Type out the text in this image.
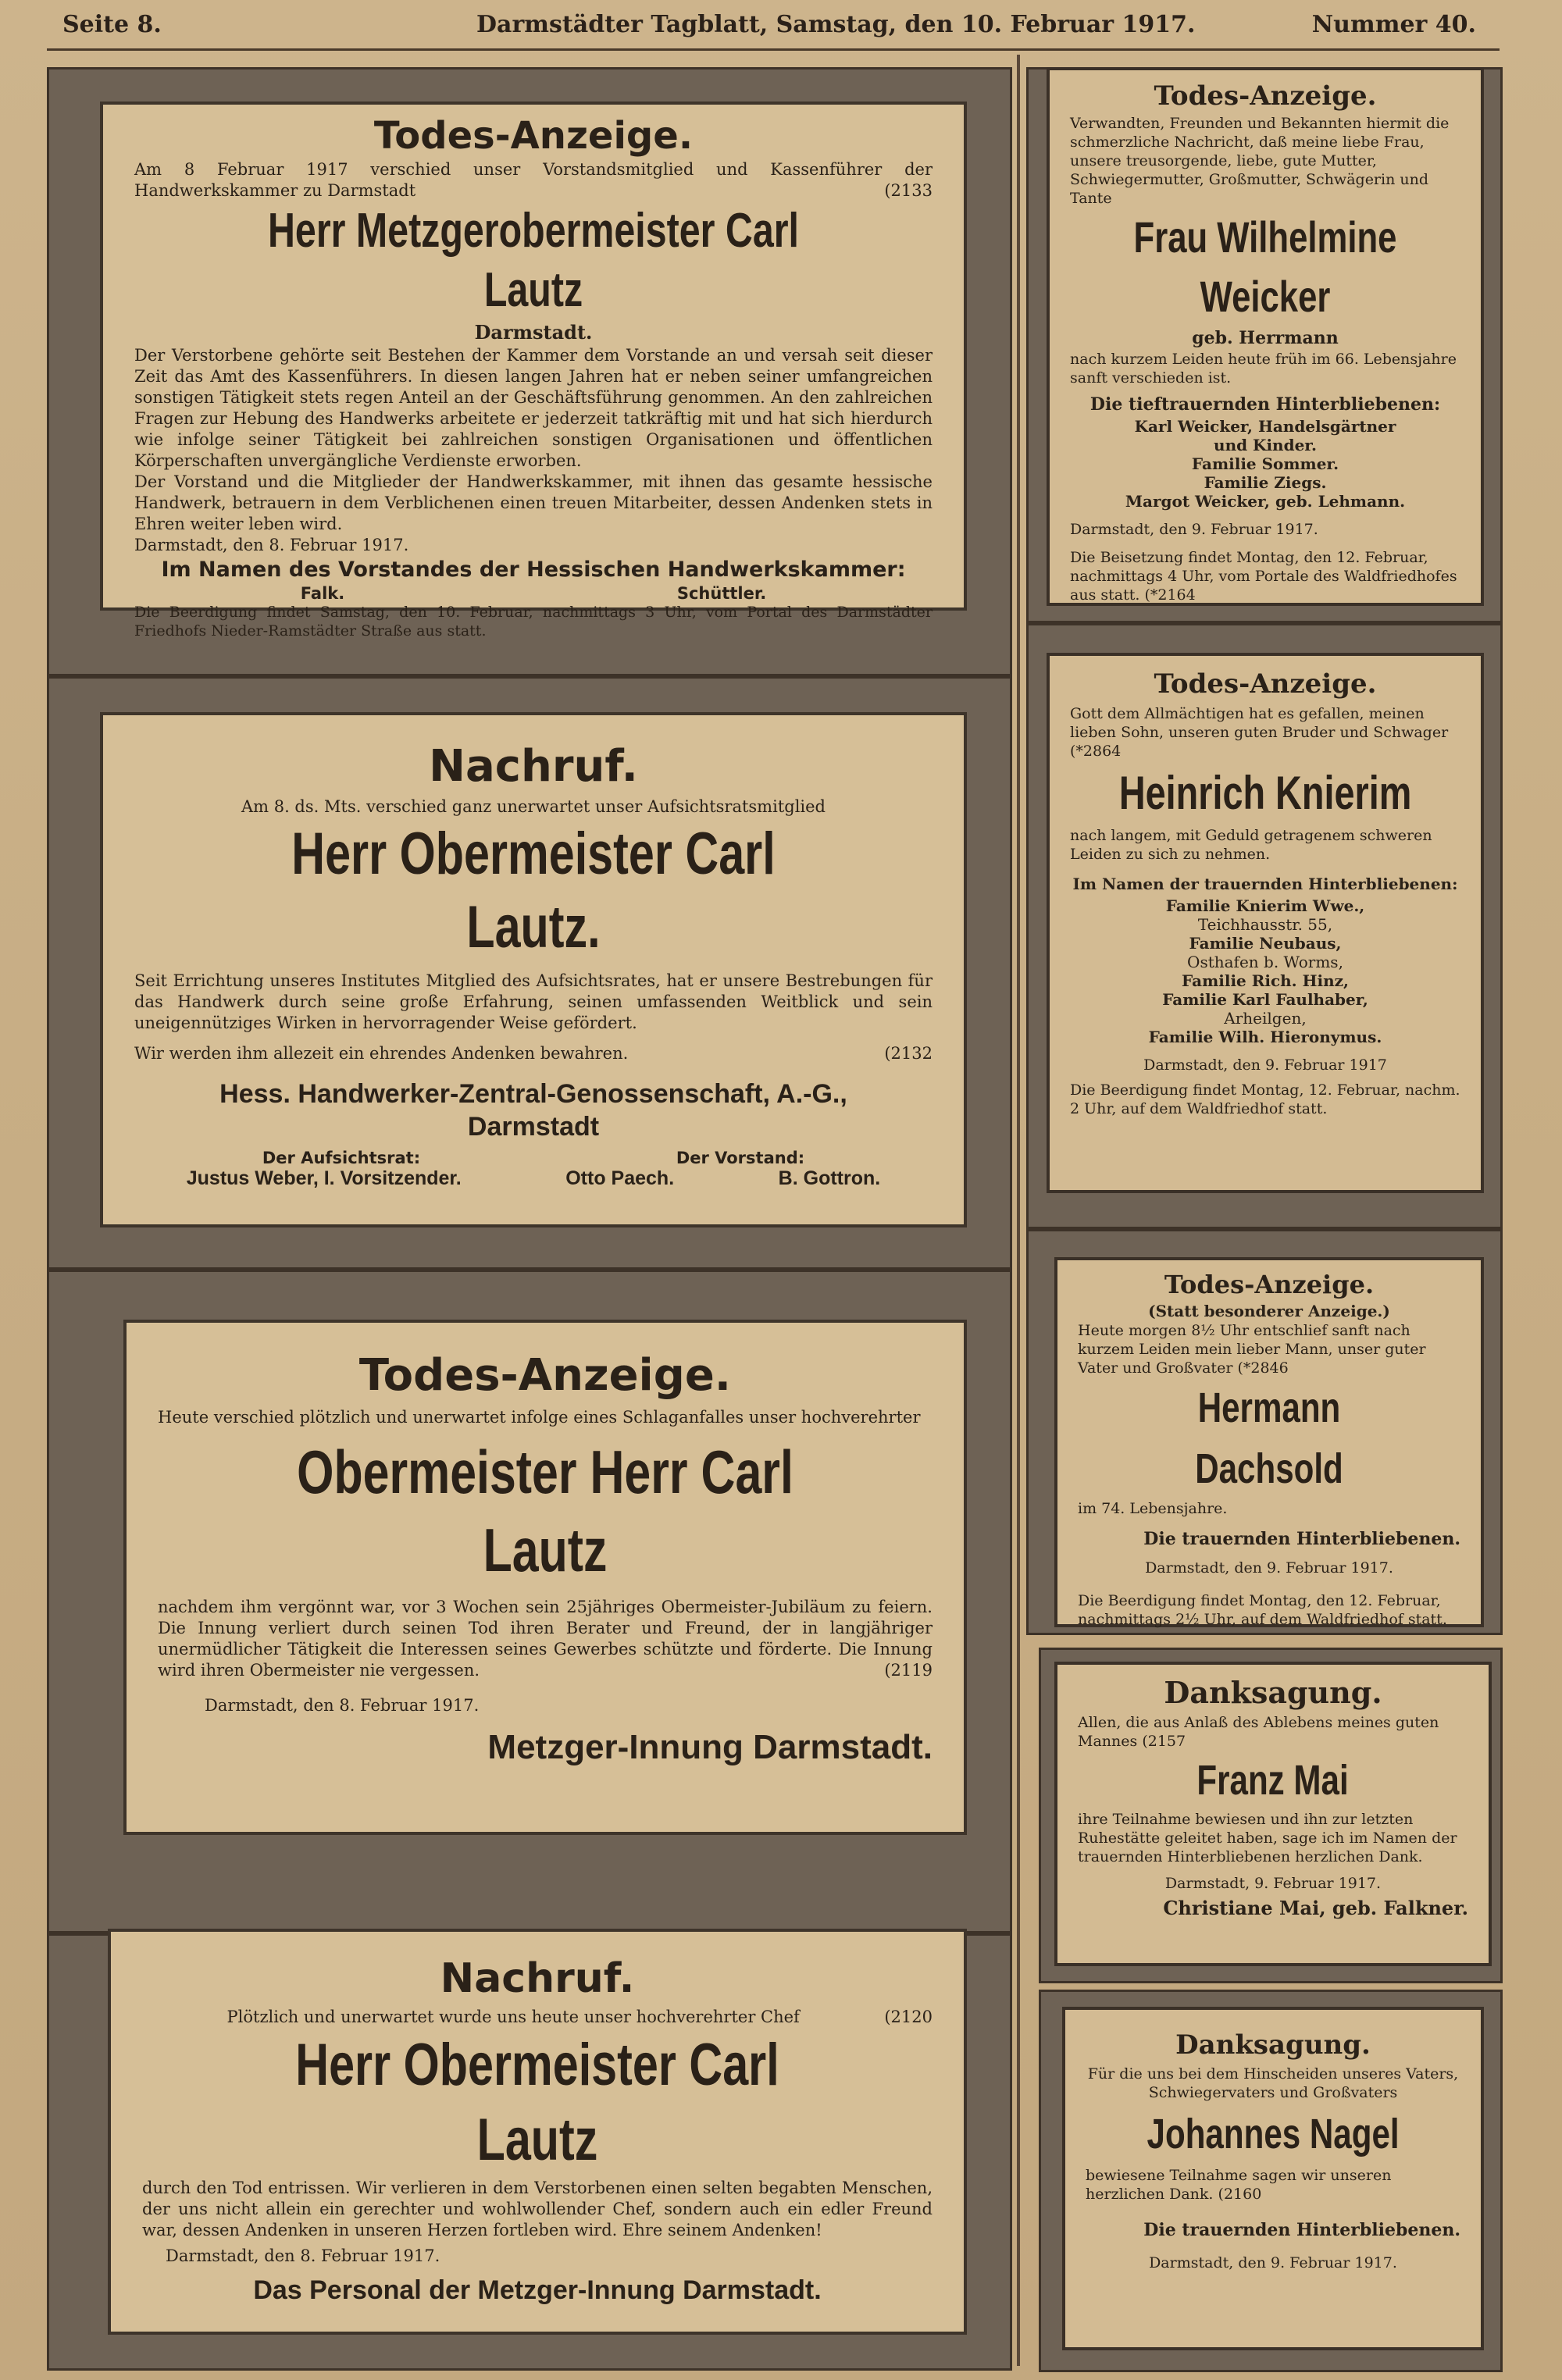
Seite 8.	Darmstädter Tagblatt, Samstag, den 10. Februar 1917.	Nummer 40.
Todes-Anzeige.
Am 8 Februar 1917 verschied unser Vorstandsmitglied und Kassenführer der Handwerkskammer zu Darmstadt	(2133
Herr Metzgerobermeister Carl Lautz
Darmstadt.
Der Verstorbene gehörte seit Bestehen der Kammer dem Vorstande an und versah seit dieser Zeit das Amt des Kassenführers. In diesen langen Jahren hat er neben seiner umfangreichen sonstigen Tätigkeit stets regen Anteil an der Geschäftsführung genommen. An den zahlreichen Fragen zur Hebung des Handwerks arbeitete er jederzeit tatkräftig mit und hat sich hierdurch wie infolge seiner Tätigkeit bei zahlreichen sonstigen Organisationen und öffentlichen Körperschaften unvergängliche Verdienste erworben.
Der Vorstand und die Mitglieder der Handwerkskammer, mit ihnen das gesamte hessische Handwerk, betrauern in dem Verblichenen einen treuen Mitarbeiter, dessen Andenken stets in Ehren weiter leben wird.
Darmstadt, den 8. Februar 1917.
Im Namen des Vorstandes der Hessischen Handwerkskammer:
Falk.	Schüttler.
Die Beerdigung findet Samstag, den 10. Februar, nachmittags 3 Uhr, vom Portal des Darmstädter Friedhofs Nieder-Ramstädter Straße aus statt.
Nachruf.
Am 8. ds. Mts. verschied ganz unerwartet unser Aufsichtsratsmitglied
Herr Obermeister Carl Lautz.
Seit Errichtung unseres Institutes Mitglied des Aufsichtsrates, hat er unsere Bestrebungen für das Handwerk durch seine große Erfahrung, seinen umfassenden Weitblick und sein uneigennütziges Wirken in hervorragender Weise gefördert.
Wir werden ihm allezeit ein ehrendes Andenken bewahren.	(2132
Hess. Handwerker-Zentral-Genossenschaft, A.-G.,
Darmstadt
Der Aufsichtsrat:	Der Vorstand:
Justus Weber, I. Vorsitzender.	Otto Paech.	B. Gottron.
Todes-Anzeige.
Heute verschied plötzlich und unerwartet infolge eines Schlaganfalles unser hochverehrter
Obermeister Herr Carl Lautz
nachdem ihm vergönnt war, vor 3 Wochen sein 25jähriges Obermeister-Jubiläum zu feiern. Die Innung verliert durch seinen Tod ihren Berater und Freund, der in langjähriger unermüdlicher Tätigkeit die Interessen seines Gewerbes schützte und förderte. Die Innung wird ihren Obermeister nie vergessen.	(2119
Darmstadt, den 8. Februar 1917.
Metzger-Innung Darmstadt.
Nachruf.
Plötzlich und unerwartet wurde uns heute unser hochverehrter Chef	(2120
Herr Obermeister Carl Lautz
durch den Tod entrissen. Wir verlieren in dem Verstorbenen einen selten begabten Menschen, der uns nicht allein ein gerechter und wohlwollender Chef, sondern auch ein edler Freund war, dessen Andenken in unseren Herzen fortleben wird. Ehre seinem Andenken!
Darmstadt, den 8. Februar 1917.
Das Personal der Metzger-Innung Darmstadt.
Todes-Anzeige.
Verwandten, Freunden und Bekannten hiermit die schmerzliche Nachricht, daß meine liebe Frau, unsere treusorgende, liebe, gute Mutter, Schwiegermutter, Großmutter, Schwägerin und Tante
Frau Wilhelmine Weicker
geb. Herrmann
nach kurzem Leiden heute früh im 66. Lebensjahre sanft verschieden ist.
Die tieftrauernden Hinterbliebenen:
Karl Weicker, Handelsgärtner
und Kinder.
Familie Sommer.
Familie Ziegs.
Margot Weicker, geb. Lehmann.
Darmstadt, den 9. Februar 1917.
Die Beisetzung findet Montag, den 12. Februar, nachmittags 4 Uhr, vom Portale des Waldfriedhofes aus statt. (*2164
Todes-Anzeige.
Gott dem Allmächtigen hat es gefallen, meinen lieben Sohn, unseren guten Bruder und Schwager (*2864
Heinrich Knierim
nach langem, mit Geduld getragenem schweren Leiden zu sich zu nehmen.
Im Namen der trauernden Hinterbliebenen:
Familie Knierim Wwe.,
Teichhausstr. 55,
Familie Neubaus,
Osthafen b. Worms,
Familie Rich. Hinz,
Familie Karl Faulhaber,
Arheilgen,
Familie Wilh. Hieronymus.
Darmstadt, den 9. Februar 1917
Die Beerdigung findet Montag, 12. Februar, nachm. 2 Uhr, auf dem Waldfriedhof statt.
Todes-Anzeige.
(Statt besonderer Anzeige.)
Heute morgen 8½ Uhr entschlief sanft nach kurzem Leiden mein lieber Mann, unser guter Vater und Großvater (*2846
Hermann Dachsold
im 74. Lebensjahre.
Die trauernden Hinterbliebenen.
Darmstadt, den 9. Februar 1917.
Die Beerdigung findet Montag, den 12. Februar, nachmittags 2½ Uhr, auf dem Waldfriedhof statt.
Danksagung.
Allen, die aus Anlaß des Ablebens meines guten Mannes (2157
Franz Mai
ihre Teilnahme bewiesen und ihn zur letzten Ruhestätte geleitet haben, sage ich im Namen der trauernden Hinterbliebenen herzlichen Dank.
Darmstadt, 9. Februar 1917.
Christiane Mai, geb. Falkner.
Danksagung.
Für die uns bei dem Hinscheiden unseres Vaters, Schwiegervaters und Großvaters
Johannes Nagel
bewiesene Teilnahme sagen wir unseren herzlichen Dank. (2160
Die trauernden Hinterbliebenen.
Darmstadt, den 9. Februar 1917.
